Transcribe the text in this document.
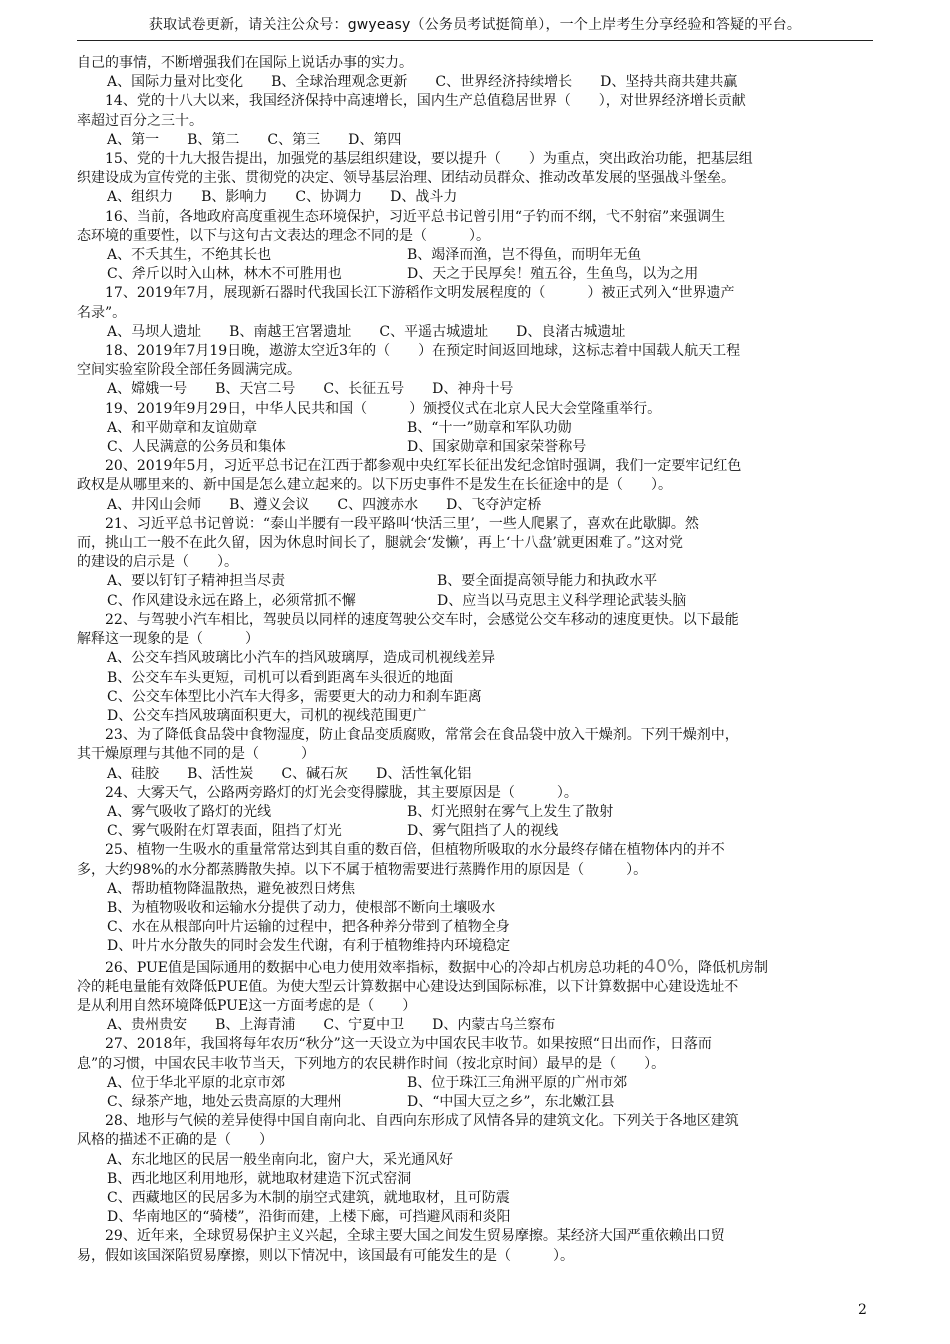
获取试卷更新，请关注公众号：gwyeasy（公务员考试挺简单），一个上岸考生分享经验和答疑的平台。
自己的事情，不断增强我们在国际上说话办事的实力。
A、国际力量对比变化　　B、全球治理观念更新　　C、世界经济持续增长　　D、坚持共商共建共赢
14、党的十八大以来，我国经济保持中高速增长，国内生产总值稳居世界（　　），对世界经济增长贡献
率超过百分之三十。
A、第一　　B、第二　　C、第三　　D、第四
15、党的十九大报告提出，加强党的基层组织建设，要以提升（　　）为重点，突出政治功能，把基层组
织建设成为宣传党的主张、贯彻党的决定、领导基层治理、团结动员群众、推动改革发展的坚强战斗堡垒。
A、组织力　　B、影响力　　C、协调力　　D、战斗力
16、当前，各地政府高度重视生态环境保护，习近平总书记曾引用“子钓而不纲，弋不射宿”来强调生
态环境的重要性，以下与这句古文表达的理念不同的是（　　　）。
A、不夭其生，不绝其长也	B、竭泽而渔，岂不得鱼，而明年无鱼
C、斧斤以时入山林，林木不可胜用也	D、天之于民厚矣！殖五谷，生鱼鸟，以为之用
17、2019年7月，展现新石器时代我国长江下游稻作文明发展程度的（　　　）被正式列入“世界遗产
名录”。
A、马坝人遗址　　B、南越王宫署遗址　　C、平遥古城遗址　　D、良渚古城遗址
18、2019年7月19日晚，遨游太空近3年的（　　）在预定时间返回地球，这标志着中国载人航天工程
空间实验室阶段全部任务圆满完成。
A、嫦娥一号　　B、天宫二号　　C、长征五号　　D、神舟十号
19、2019年9月29日，中华人民共和国（　　　）颁授仪式在北京人民大会堂隆重举行。
A、和平勋章和友谊勋章	B、“十一”勋章和军队功勋
C、人民满意的公务员和集体	D、国家勋章和国家荣誉称号
20、2019年5月，习近平总书记在江西于都参观中央红军长征出发纪念馆时强调，我们一定要牢记红色
政权是从哪里来的、新中国是怎么建立起来的。以下历史事件不是发生在长征途中的是（　　）。
A、井冈山会师　　B、遵义会议　　C、四渡赤水　　D、飞夺泸定桥
21、习近平总书记曾说：“泰山半腰有一段平路叫‘快活三里’，一些人爬累了，喜欢在此歇脚。然
而，挑山工一般不在此久留，因为休息时间长了，腿就会‘发懒’，再上‘十八盘’就更困难了。”这对党
的建设的启示是（　　）。
A、要以钉钉子精神担当尽责	B、要全面提高领导能力和执政水平
C、作风建设永远在路上，必须常抓不懈	D、应当以马克思主义科学理论武装头脑
22、与驾驶小汽车相比，驾驶员以同样的速度驾驶公交车时，会感觉公交车移动的速度更快。以下最能
解释这一现象的是（　　　）
A、公交车挡风玻璃比小汽车的挡风玻璃厚，造成司机视线差异
B、公交车车头更短，司机可以看到距离车头很近的地面
C、公交车体型比小汽车大得多，需要更大的动力和刹车距离
D、公交车挡风玻璃面积更大，司机的视线范围更广
23、为了降低食品袋中食物湿度，防止食品变质腐败，常常会在食品袋中放入干燥剂。下列干燥剂中，
其干燥原理与其他不同的是（　　　）
A、硅胶　　B、活性炭　　C、碱石灰　　D、活性氧化铝
24、大雾天气，公路两旁路灯的灯光会变得朦胧，其主要原因是（　　　）。
A、雾气吸收了路灯的光线	B、灯光照射在雾气上发生了散射
C、雾气吸附在灯罩表面，阻挡了灯光	D、雾气阻挡了人的视线
25、植物一生吸水的重量常常达到其自重的数百倍，但植物所吸取的水分最终存储在植物体内的并不
多，大约98%的水分都蒸腾散失掉。以下不属于植物需要进行蒸腾作用的原因是（　　　）。
A、帮助植物降温散热，避免被烈日烤焦
B、为植物吸收和运输水分提供了动力，使根部不断向土壤吸水
C、水在从根部向叶片运输的过程中，把各种养分带到了植物全身
D、叶片水分散失的同时会发生代谢，有利于植物维持内环境稳定
26、PUE值是国际通用的数据中心电力使用效率指标，数据中心的冷却占机房总功耗的40%，降低机房制
冷的耗电量能有效降低PUE值。为使大型云计算数据中心建设达到国际标准，以下计算数据中心建设选址不
是从利用自然环境降低PUE这一方面考虑的是（　　）
A、贵州贵安　　B、上海青浦　　C、宁夏中卫　　D、内蒙古乌兰察布
27、2018年，我国将每年农历“秋分”这一天设立为中国农民丰收节。如果按照“日出而作，日落而
息”的习惯，中国农民丰收节当天，下列地方的农民耕作时间（按北京时间）最早的是（　　）。
A、位于华北平原的北京市郊	B、位于珠江三角洲平原的广州市郊
C、绿茶产地，地处云贵高原的大理州	D、“中国大豆之乡”，东北嫩江县
28、地形与气候的差异使得中国自南向北、自西向东形成了风情各异的建筑文化。下列关于各地区建筑
风格的描述不正确的是（　　）
A、东北地区的民居一般坐南向北，窗户大，采光通风好
B、西北地区利用地形，就地取材建造下沉式窑洞
C、西藏地区的民居多为木制的崩空式建筑，就地取材，且可防震
D、华南地区的“骑楼”，沿街而建，上楼下廊，可挡避风雨和炎阳
29、近年来，全球贸易保护主义兴起，全球主要大国之间发生贸易摩擦。某经济大国严重依赖出口贸
易，假如该国深陷贸易摩擦，则以下情况中，该国最有可能发生的是（　　　）。
2
